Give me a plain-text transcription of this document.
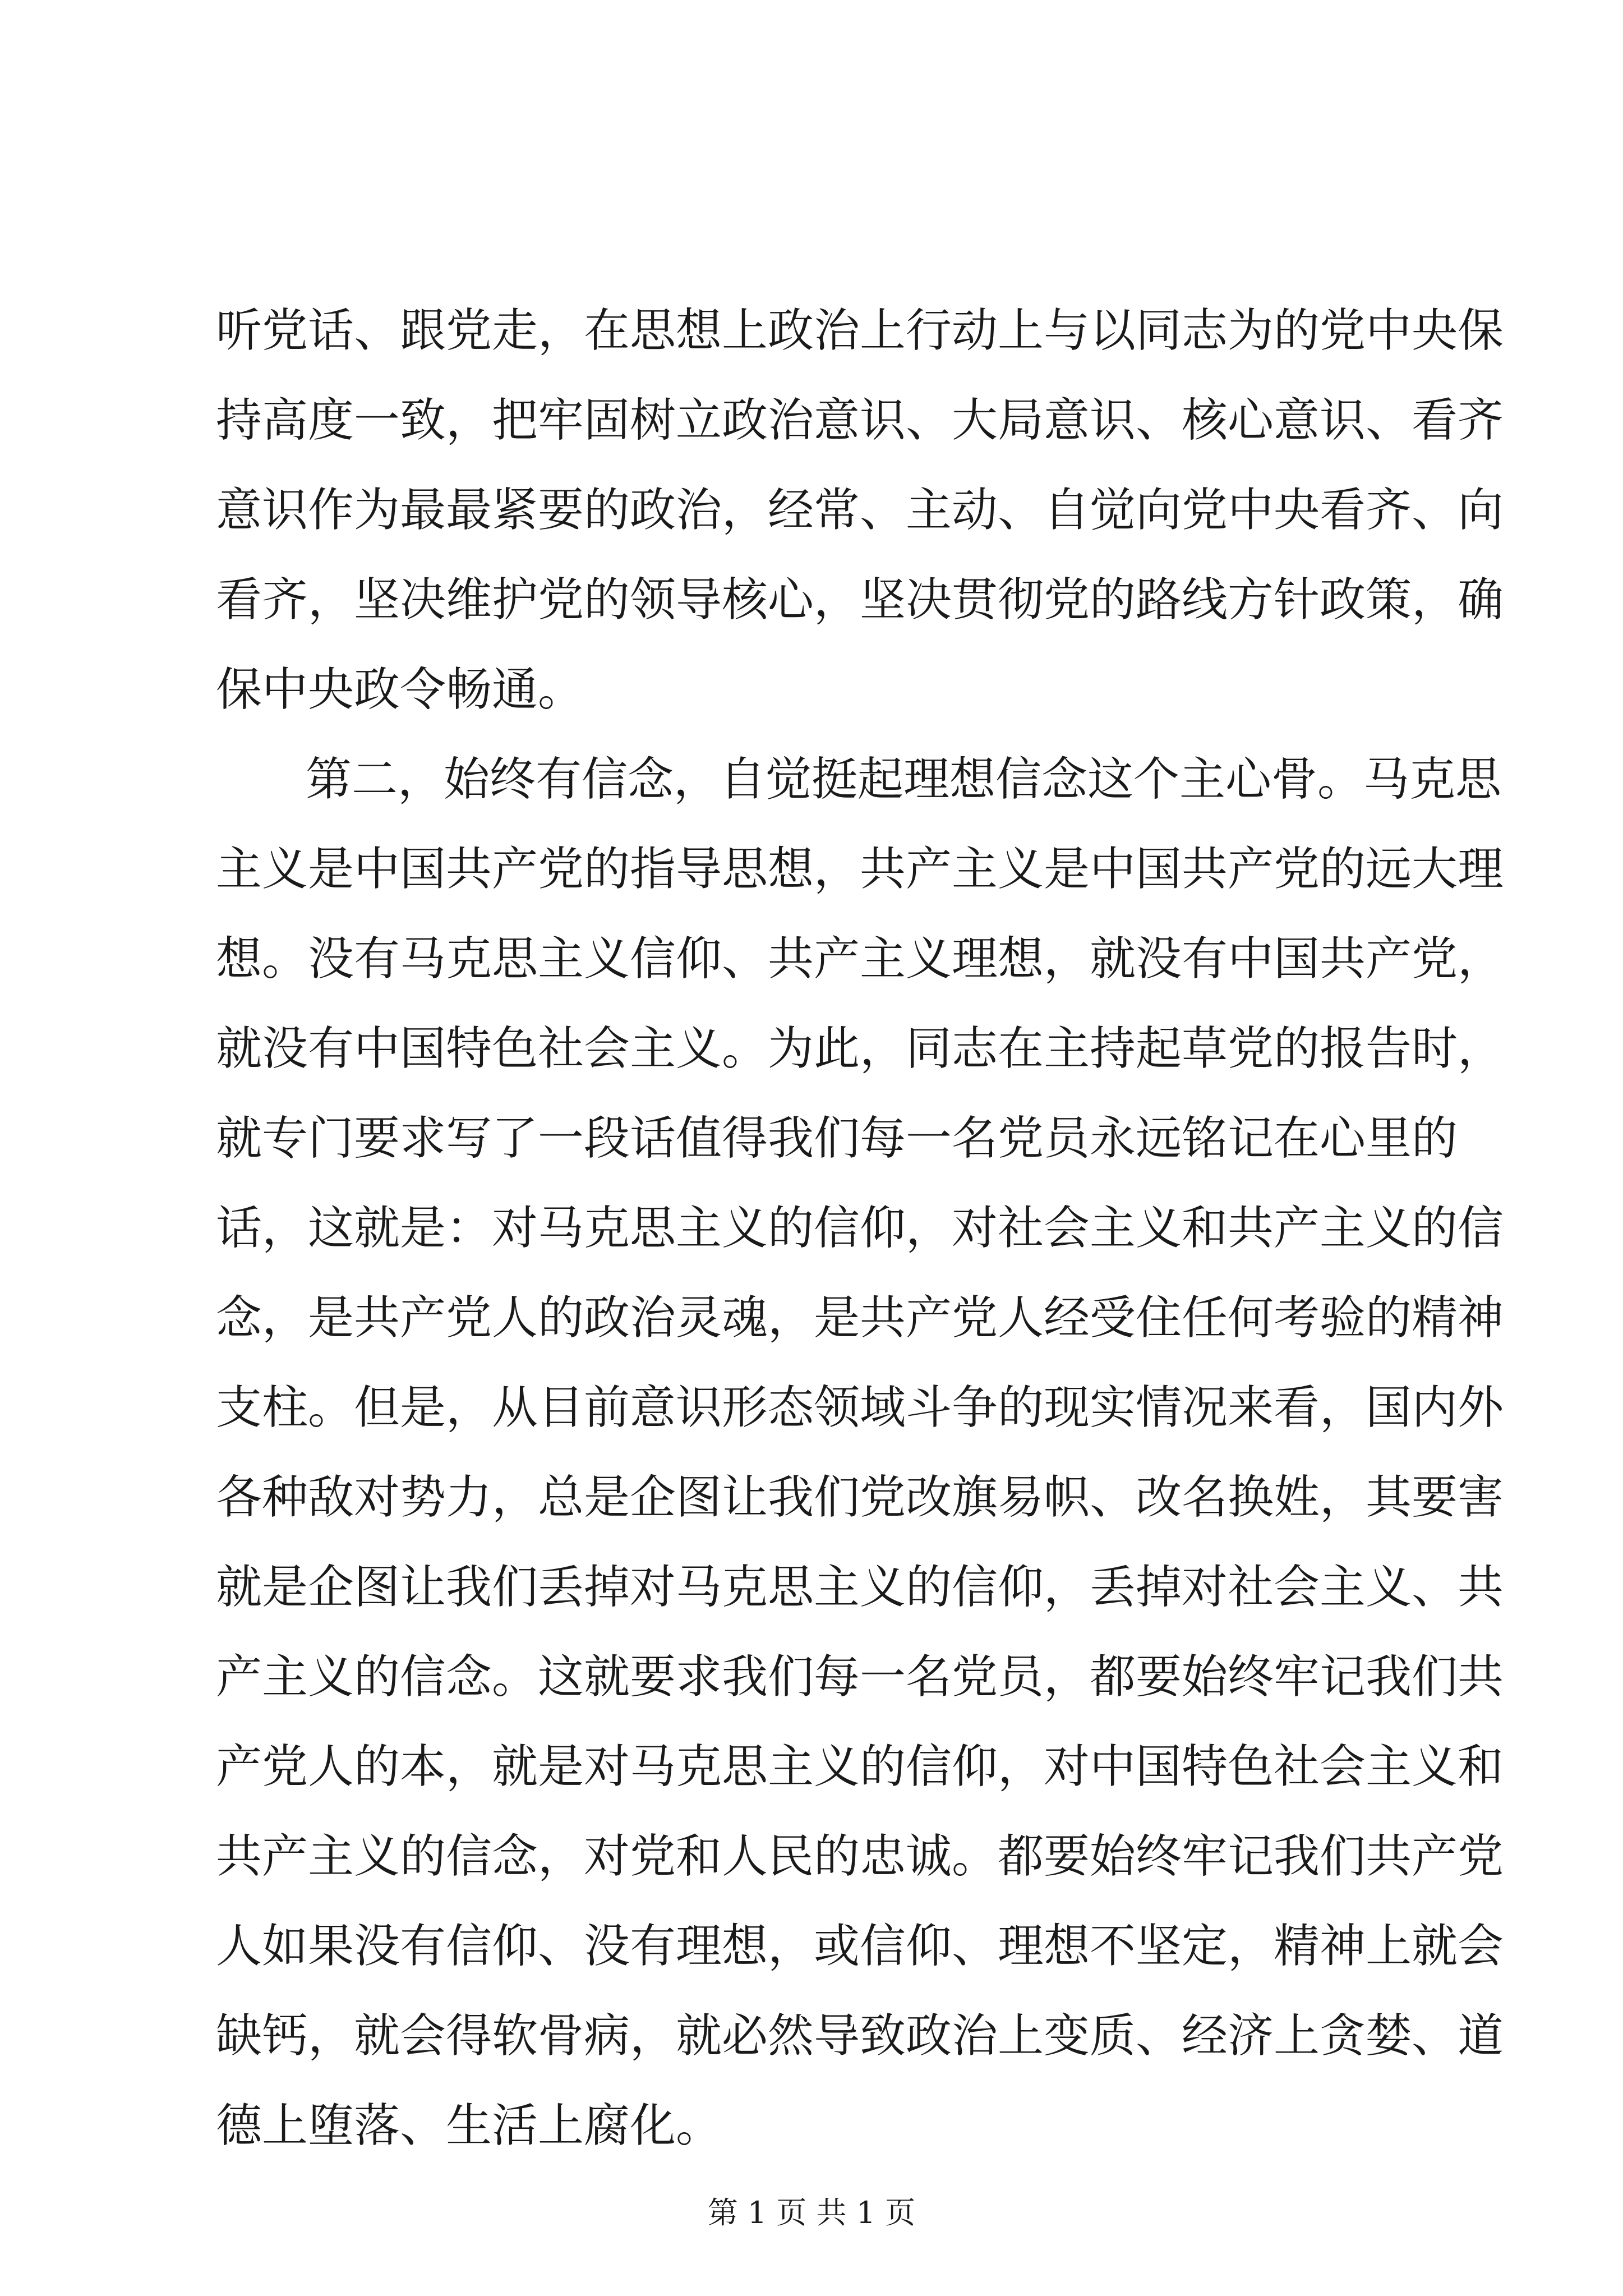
听党话、跟党走，在思想上政治上行动上与以同志为的党中央保
持高度一致，把牢固树立政治意识、大局意识、核心意识、看齐
意识作为最最紧要的政治，经常、主动、自觉向党中央看齐、向
看齐，坚决维护党的领导核心，坚决贯彻党的路线方针政策，确
保中央政令畅通。
第二，始终有信念，自觉挺起理想信念这个主心骨。马克思
主义是中国共产党的指导思想，共产主义是中国共产党的远大理
想。没有马克思主义信仰、共产主义理想，就没有中国共产党，
就没有中国特色社会主义。为此，同志在主持起草党的报告时，
就专门要求写了一段话值得我们每一名党员永远铭记在心里的
话，这就是：对马克思主义的信仰，对社会主义和共产主义的信
念，是共产党人的政治灵魂，是共产党人经受住任何考验的精神
支柱。但是，从目前意识形态领域斗争的现实情况来看，国内外
各种敌对势力，总是企图让我们党改旗易帜、改名换姓，其要害
就是企图让我们丢掉对马克思主义的信仰，丢掉对社会主义、共
产主义的信念。这就要求我们每一名党员，都要始终牢记我们共
产党人的本，就是对马克思主义的信仰，对中国特色社会主义和
共产主义的信念，对党和人民的忠诚。都要始终牢记我们共产党
人如果没有信仰、没有理想，或信仰、理想不坚定，精神上就会
缺钙，就会得软骨病，就必然导致政治上变质、经济上贪婪、道
德上堕落、生活上腐化。
第 1 页 共 1 页
